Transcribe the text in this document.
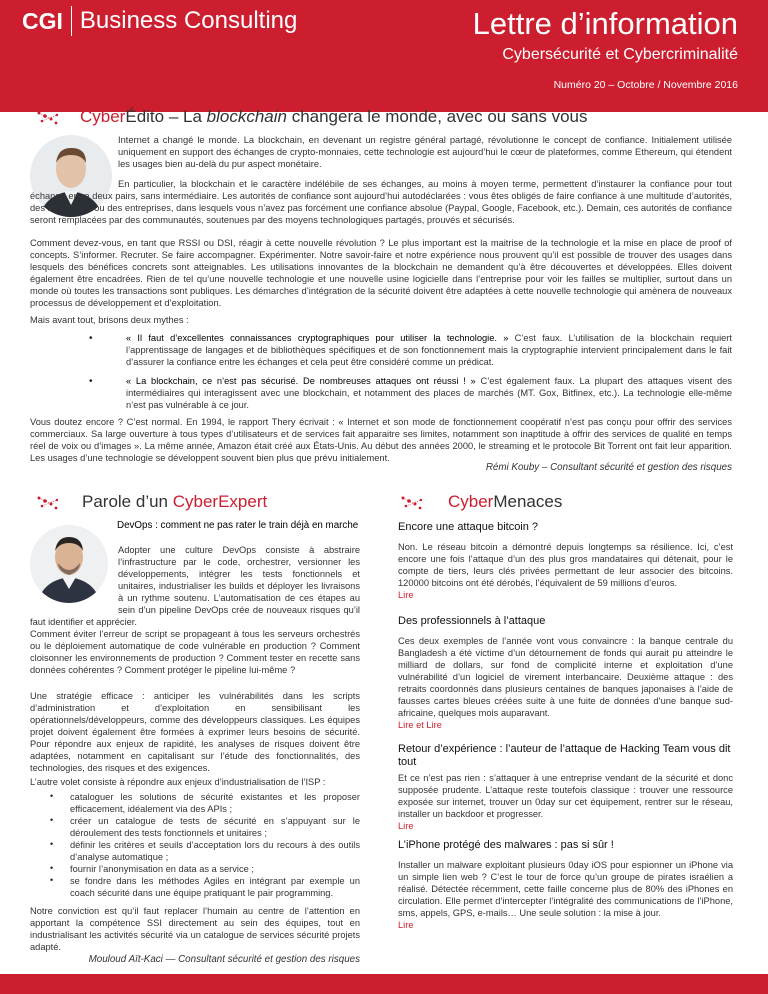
CGI Business Consulting	Lettre d’information
Cybersécurité et Cybercriminalité
Numéro 20 – Octobre / Novembre 2016
CyberÉdito – La blockchain changera le monde, avec ou sans vous
Internet a changé le monde. La blockchain, en devenant un registre général partagé, révolutionne le concept de confiance. Initialement utilisée uniquement en support des échanges de crypto-monnaies, cette technologie est aujourd’hui le cœur de plateformes, comme Ethereum, qui étendent les usages bien au-delà du pur aspect monétaire.
En particulier, la blockchain et le caractère indélébile de ses échanges, au moins à moyen terme, permettent d’instaurer la confiance pour tout échange entre deux pairs, sans intermédiaire. Les autorités de confiance sont aujourd’hui autodéclarées : vous êtes obligés de faire confiance à une multitude d’autorités, des institutions ou des entreprises, dans lesquels vous n’avez pas forcément une confiance absolue (Paypal, Google, Facebook, etc.). Demain, ces autorités de confiance seront remplacées par des communautés, soutenues par des moyens technologiques partagés, prouvés et sécurisés.
Comment devez-vous, en tant que RSSI ou DSI, réagir à cette nouvelle révolution ? Le plus important est la maitrise de la technologie et la mise en place de proof of concepts. S’informer. Recruter. Se faire accompagner. Expérimenter. Notre savoir-faire et notre expérience nous prouvent qu’il est possible de trouver des usages dans lesquels des bénéfices concrets sont atteignables. Les utilisations innovantes de la blockchain ne demandent qu’à être découvertes et développées. Elles doivent également être encadrées. Rien de tel qu’une nouvelle technologie et une nouvelle usine logicielle dans l’entreprise pour voir les failles se multiplier, surtout dans un monde où toutes les transactions sont publiques. Les démarches d’intégration de la sécurité doivent être adaptées à cette nouvelle technologie qui amènera de nouveaux processus de développement et d’exploitation.
Mais avant tout, brisons deux mythes :
•	« Il faut d’excellentes connaissances cryptographiques pour utiliser la technologie. » C’est faux. L’utilisation de la blockchain requiert l’apprentissage de langages et de bibliothèques spécifiques et de son fonctionnement mais la cryptographie intervient principalement dans le fait d’assurer la confiance entre les échanges et cela peut être considéré comme un prédicat.
•	« La blockchain, ce n’est pas sécurisé. De nombreuses attaques ont réussi ! » C’est également faux. La plupart des attaques visent des intermédiaires qui interagissent avec une blockchain, et notamment des places de marchés (MT. Gox, Bitfinex, etc.). La technologie elle-même n’est pas vulnérable à ce jour.
Vous doutez encore ? C’est normal. En 1994, le rapport Thery écrivait : « Internet et son mode de fonctionnement coopératif n’est pas conçu pour offrir des services commerciaux. Sa large ouverture à tous types d’utilisateurs et de services fait apparaitre ses limites, notamment son inaptitude à offrir des services de qualité en temps réel de voix ou d’images ». La même année, Amazon était créé aux États-Unis. Au début des années 2000, le streaming et le protocole Bit Torrent ont fait leur apparition. Les usages d’une technologie se développent souvent bien plus que prévu initialement.
Rémi Kouby – Consultant sécurité et gestion des risques
Parole d’un CyberExpert
DevOps : comment ne pas rater le train déjà en marche
Adopter une culture DevOps consiste à abstraire l’infrastructure par le code, orchestrer, versionner les développements, intégrer les tests fonctionnels et unitaires, industrialiser les builds et déployer les livraisons à un rythme soutenu. L’automatisation de ces étapes au sein d’un pipeline DevOps crée de nouveaux risques qu’il faut identifier et apprécier.
Comment éviter l’erreur de script se propageant à tous les serveurs orchestrés ou le déploiement automatique de code vulnérable en production ? Comment cloisonner les environnements de production ? Comment tester en recette sans données cohérentes ? Comment protéger le pipeline lui-même ?
Une stratégie efficace : anticiper les vulnérabilités dans les scripts d’administration et d’exploitation en sensibilisant les opérationnels/développeurs, comme des développeurs classiques. Les équipes projet doivent également être formées à exprimer leurs besoins de sécurité. Pour répondre aux enjeux de rapidité, les analyses de risques doivent être adaptées, notamment en capitalisant sur l’étude des fonctionnalités, des technologies, des risques et des exigences.
L’autre volet consiste à répondre aux enjeux d’industrialisation de l’ISP :
• cataloguer les solutions de sécurité existantes et les proposer efficacement, idéalement via des APIs ;
• créer un catalogue de tests de sécurité en s’appuyant sur le déroulement des tests fonctionnels et unitaires ;
• définir les critères et seuils d’acceptation lors du recours à des outils d’analyse automatique ;
• fournir l’anonymisation en data as a service ;
• se fondre dans les méthodes Agiles en intégrant par exemple un coach sécurité dans une équipe pratiquant le pair programming.
Notre conviction est qu’il faut replacer l’humain au centre de l’attention en apportant la compétence SSI directement au sein des équipes, tout en industrialisant les activités sécurité via un catalogue de services sécurité projets adapté.
Mouloud Aït-Kaci — Consultant sécurité et gestion des risques
CyberMenaces
Encore une attaque bitcoin ?
Non. Le réseau bitcoin a démontré depuis longtemps sa résilience. Ici, c’est encore une fois l’attaque d’un des plus gros mandataires qui détenait, pour le compte de tiers, leurs clés privées permettant de leur associer des bitcoins. 120000 bitcoins ont été dérobés, l’équivalent de 59 millions d’euros.
Lire
Des professionnels à l’attaque
Ces deux exemples de l’année vont vous convaincre : la banque centrale du Bangladesh a été victime d’un détournement de fonds qui aurait pu atteindre le milliard de dollars, sur fond de complicité interne et exploitation d’une vulnérabilité d’un logiciel de virement interbancaire. Deuxième attaque : des retraits coordonnés dans plusieurs centaines de banques japonaises à l’aide de fausses cartes bleues créées suite à une fuite de données d’une banque sud-africaine, quelques mois auparavant.
Lire et Lire
Retour d’expérience : l’auteur de l’attaque de Hacking Team vous dit tout
Et ce n’est pas rien : s’attaquer à une entreprise vendant de la sécurité et donc supposée prudente. L’attaque reste toutefois classique : trouver une ressource exposée sur internet, trouver un 0day sur cet équipement, rentrer sur le réseau, installer un backdoor et progresser.
Lire
L’iPhone protégé des malwares : pas si sûr !
Installer un malware exploitant plusieurs 0day iOS pour espionner un iPhone via un simple lien web ? C’est le tour de force qu’un groupe de pirates israélien a réalisé. Détectée récemment, cette faille concerne plus de 80% des iPhones en circulation. Elle permet d’intercepter l’intégralité des communications de l’iPhone, sms, appels, GPS, e-mails… Une seule solution : la mise à jour.
Lire
